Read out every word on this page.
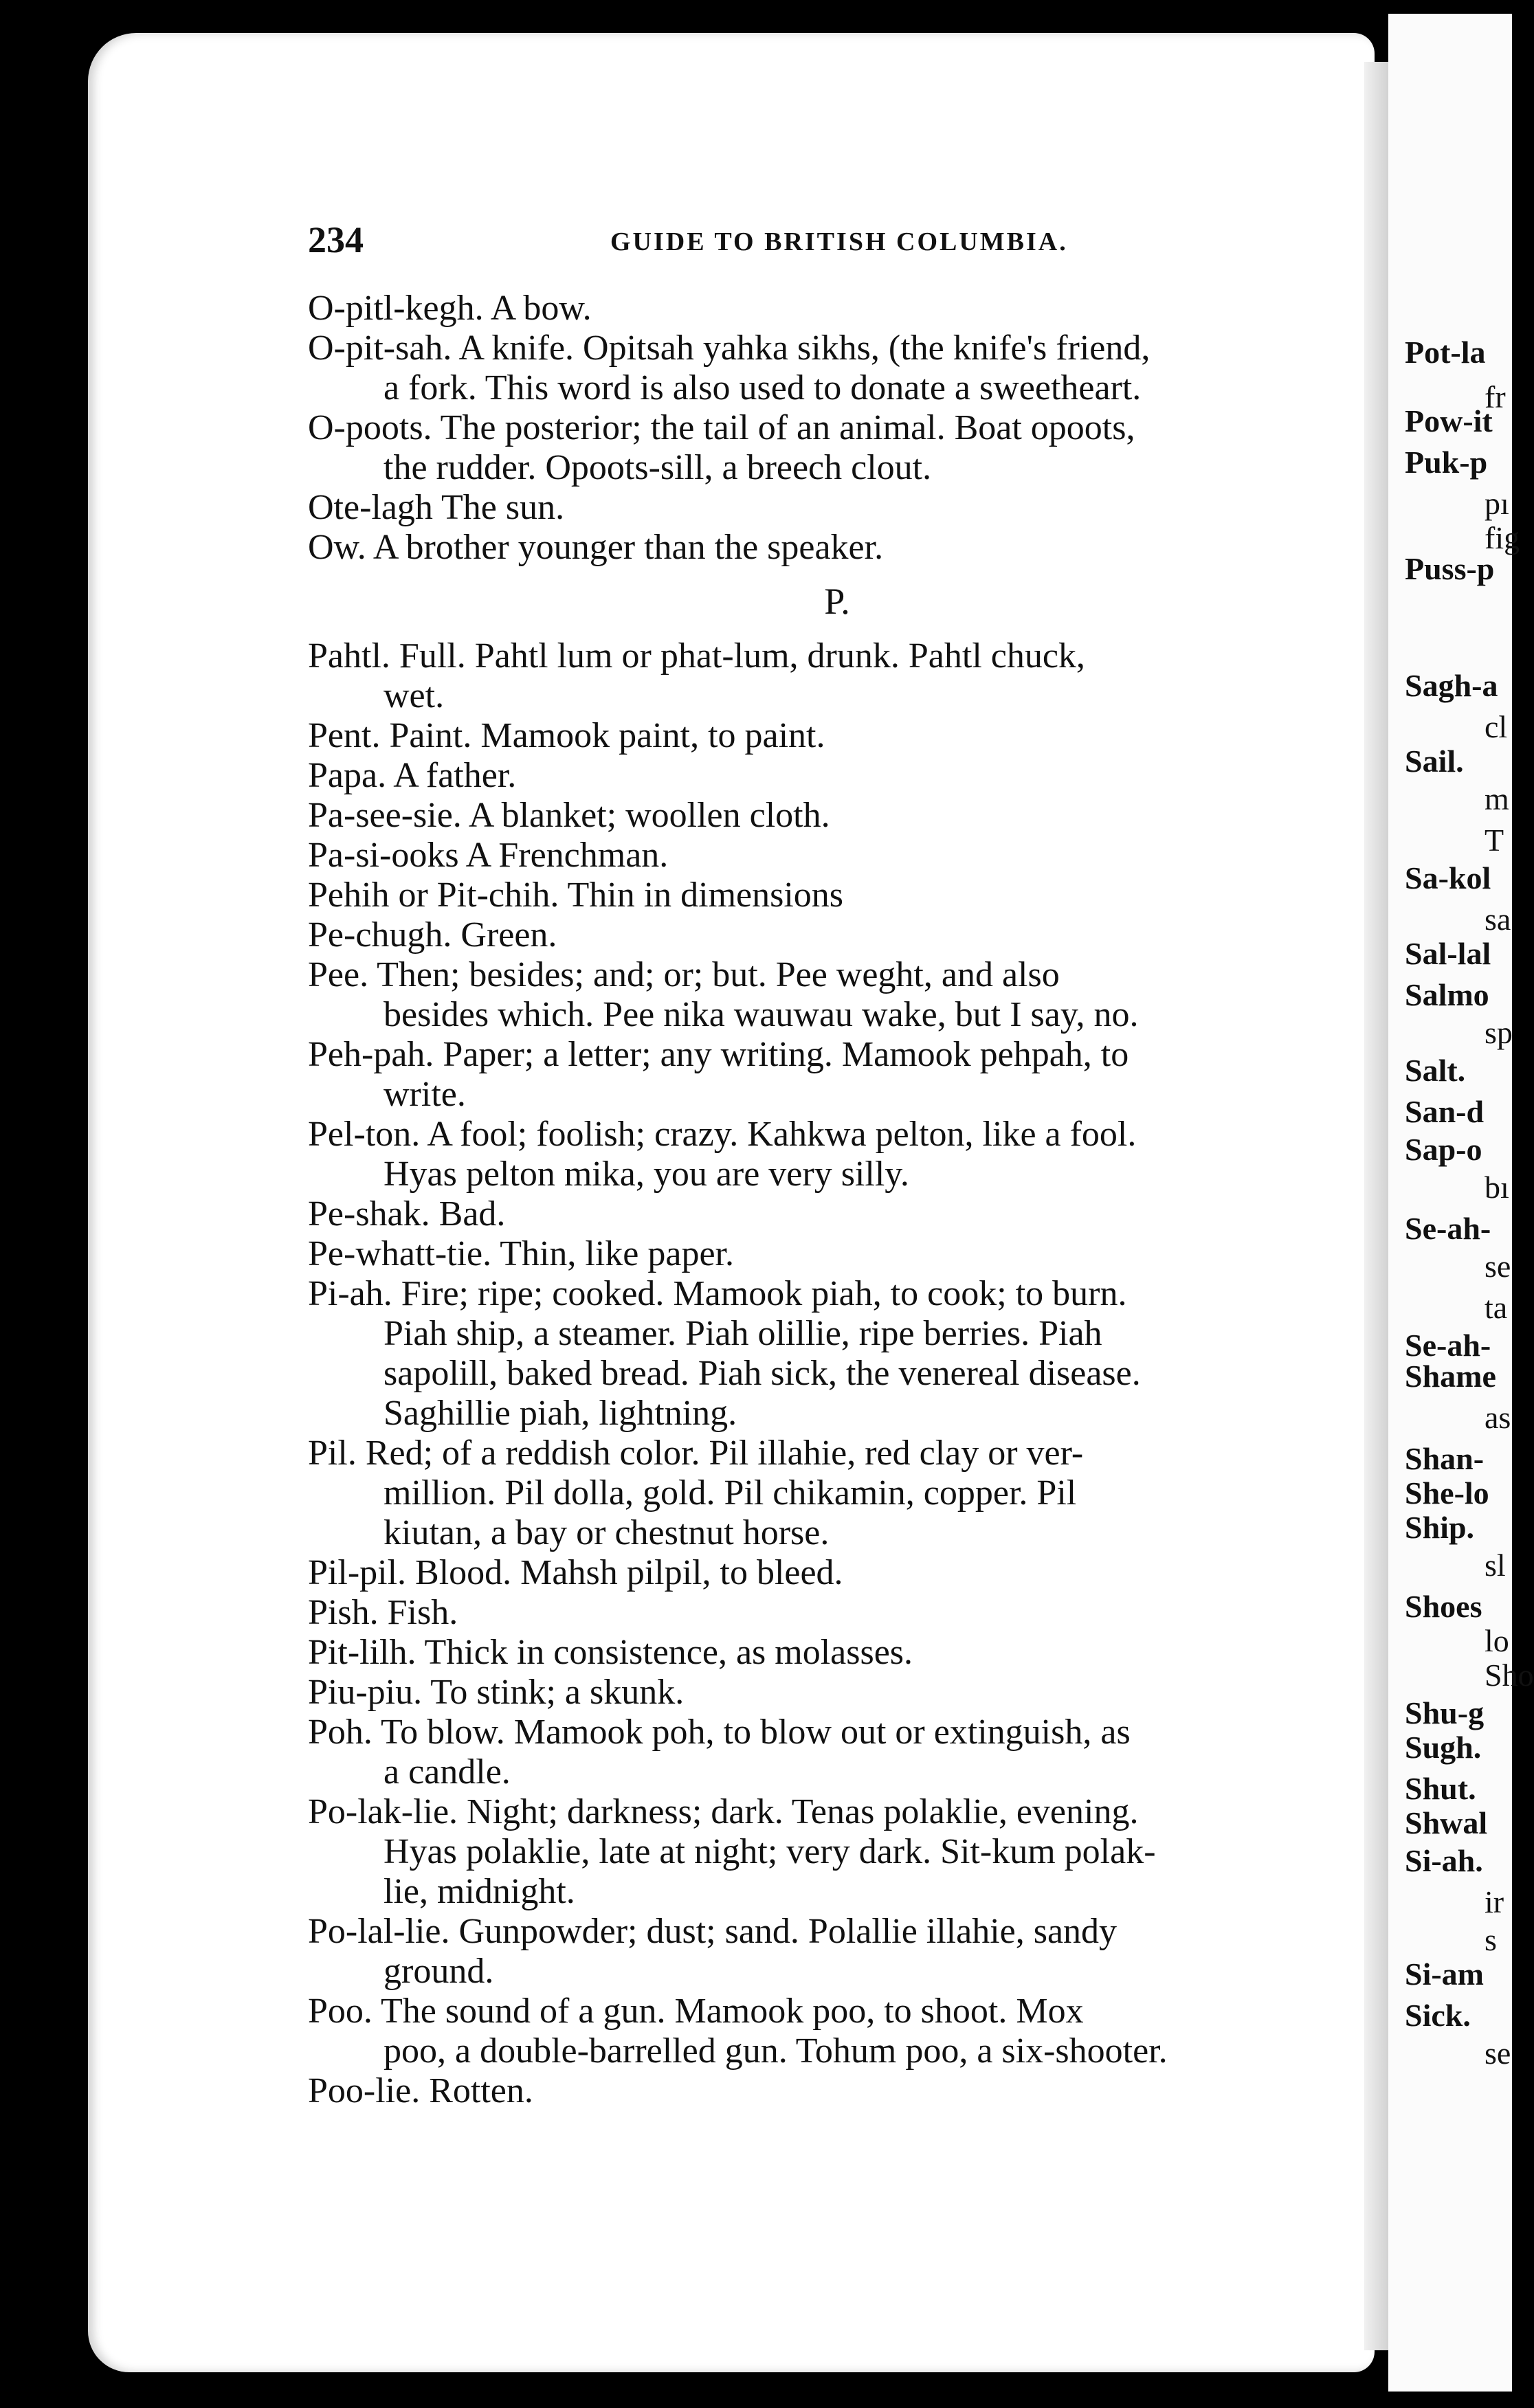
Pot-la
fr
Pow-it
Puk-p
pı
fig
Puss-p
Sagh-a
cl
Sail.
m
T
Sa-kol
sa
Sal-lal
Salmo
sp
Salt.
San-d
Sap-o
bı
Se-ah-
se
ta
Se-ah-
Shame
as
Shan-
She-lo
Ship.
sl
Shoes
lo
Sho
Shu-g
Sugh.
Shut.
Shwal
Si-ah.
ir
s
Si-am
Sick.
se
234	GUIDE TO BRITISH COLUMBIA.
O-pitl-kegh. A bow.
O-pit-sah. A knife. Opitsah yahka sikhs, (the knife's friend,
a fork. This word is also used to donate a sweetheart.
O-poots. The posterior; the tail of an animal. Boat opoots,
the rudder. Opoots-sill, a breech clout.
Ote-lagh The sun.
Ow. A brother younger than the speaker.
P.
Pahtl. Full. Pahtl lum or phat-lum, drunk. Pahtl chuck,
wet.
Pent. Paint. Mamook paint, to paint.
Papa. A father.
Pa-see-sie. A blanket; woollen cloth.
Pa-si-ooks A Frenchman.
Pehih or Pit-chih. Thin in dimensions
Pe-chugh. Green.
Pee. Then; besides; and; or; but. Pee weght, and also
besides which. Pee nika wauwau wake, but I say, no.
Peh-pah. Paper; a letter; any writing. Mamook pehpah, to
write.
Pel-ton. A fool; foolish; crazy. Kahkwa pelton, like a fool.
Hyas pelton mika, you are very silly.
Pe-shak. Bad.
Pe-whatt-tie. Thin, like paper.
Pi-ah. Fire; ripe; cooked. Mamook piah, to cook; to burn.
Piah ship, a steamer. Piah olillie, ripe berries. Piah
sapolill, baked bread. Piah sick, the venereal disease.
Saghillie piah, lightning.
Pil. Red; of a reddish color. Pil illahie, red clay or ver-
million. Pil dolla, gold. Pil chikamin, copper. Pil
kiutan, a bay or chestnut horse.
Pil-pil. Blood. Mahsh pilpil, to bleed.
Pish. Fish.
Pit-lilh. Thick in consistence, as molasses.
Piu-piu. To stink; a skunk.
Poh. To blow. Mamook poh, to blow out or extinguish, as
a candle.
Po-lak-lie. Night; darkness; dark. Tenas polaklie, evening.
Hyas polaklie, late at night; very dark. Sit-kum polak-
lie, midnight.
Po-lal-lie. Gunpowder; dust; sand. Polallie illahie, sandy
ground.
Poo. The sound of a gun. Mamook poo, to shoot. Mox
poo, a double-barrelled gun. Tohum poo, a six-shooter.
Poo-lie. Rotten.
